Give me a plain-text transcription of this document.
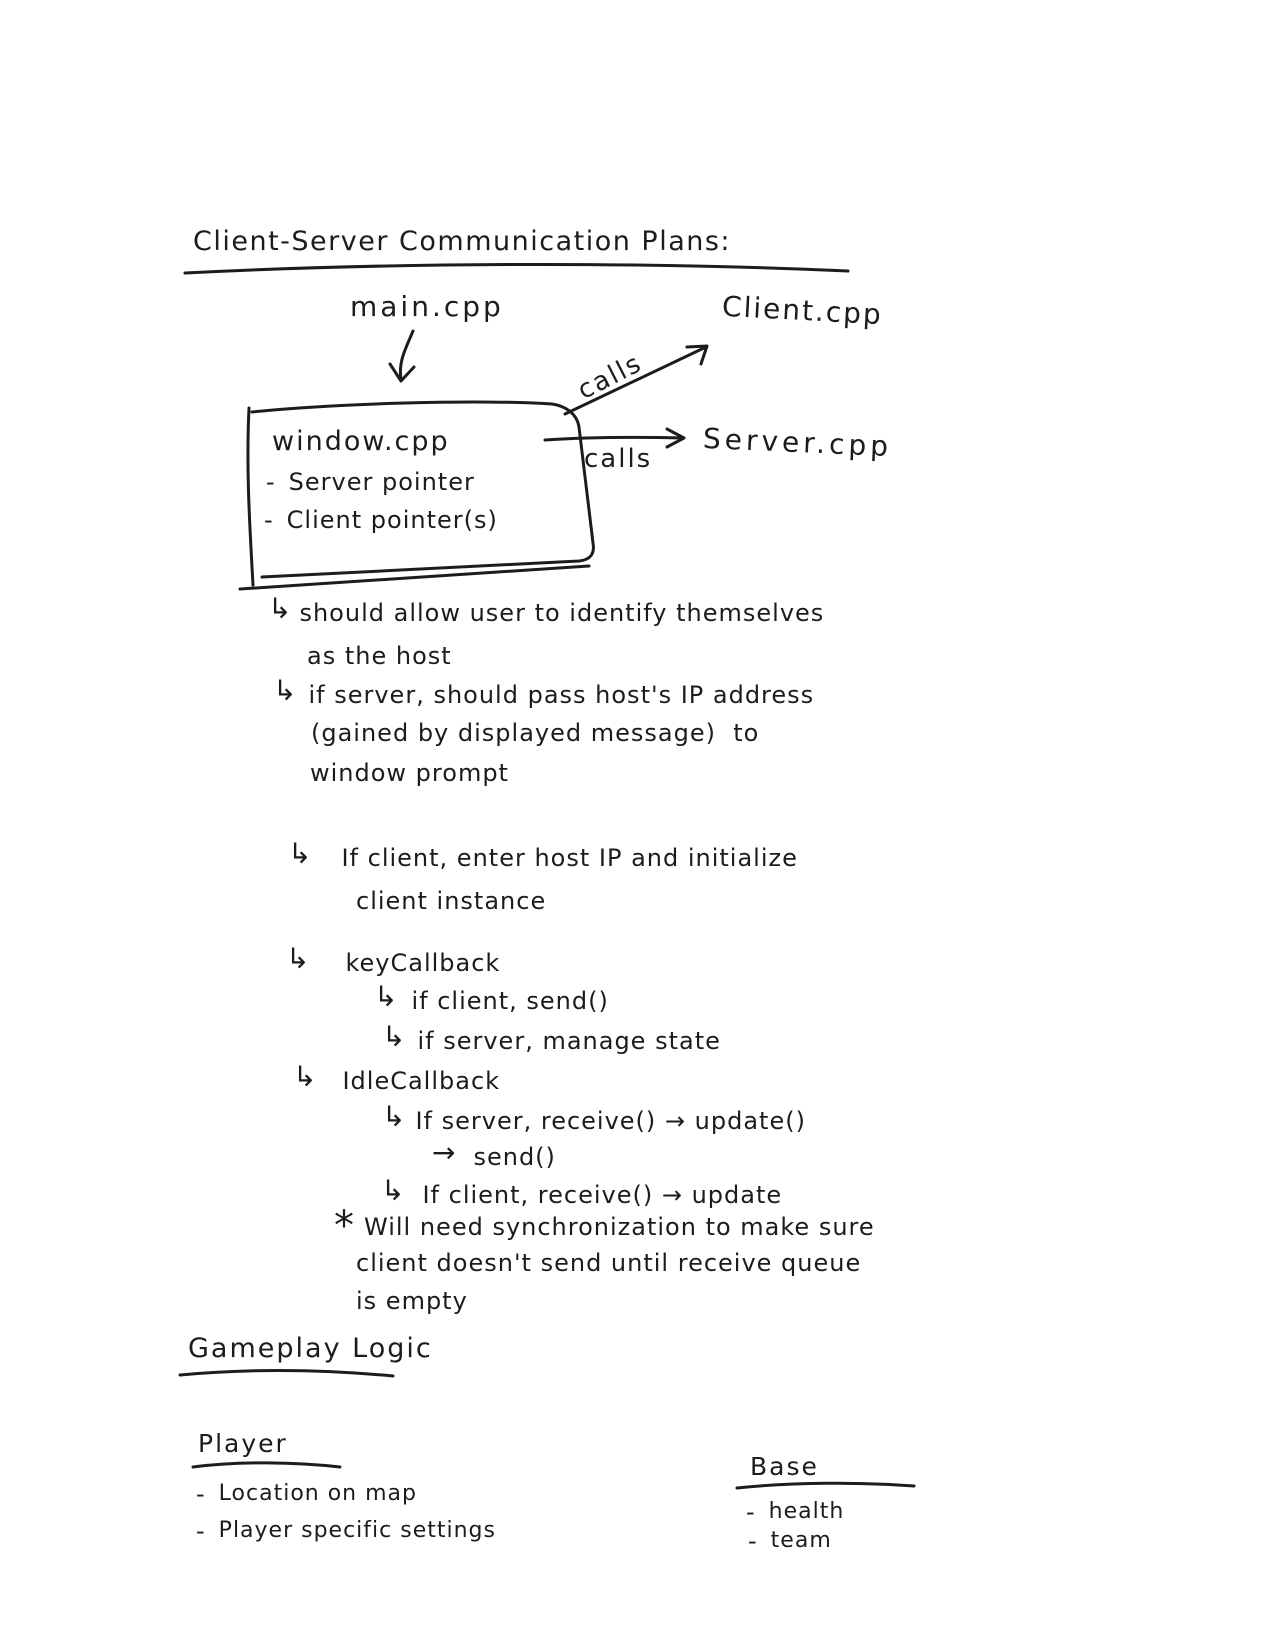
Client-Server Communication Plans:
main.cpp	Client.cpp
Server.cpp
calls
calls
window.cpp
- Server pointer
- Client pointer(s)
↳ should allow user to identify themselves
as the host
↳ if server, should pass host's IP address
(gained by displayed message)  to
window prompt
↳ If client, enter host IP and initialize
client instance
↳ keyCallback
↳ if client, send()
↳ if server, manage state
↳ IdleCallback
↳ If server, receive() → update()
→ send()
↳ If client, receive() → update
* Will need synchronization to make sure
client doesn't send until receive queue
is empty
Gameplay Logic
Player
- Location on map
- Player specific settings
Base
- health
- team
